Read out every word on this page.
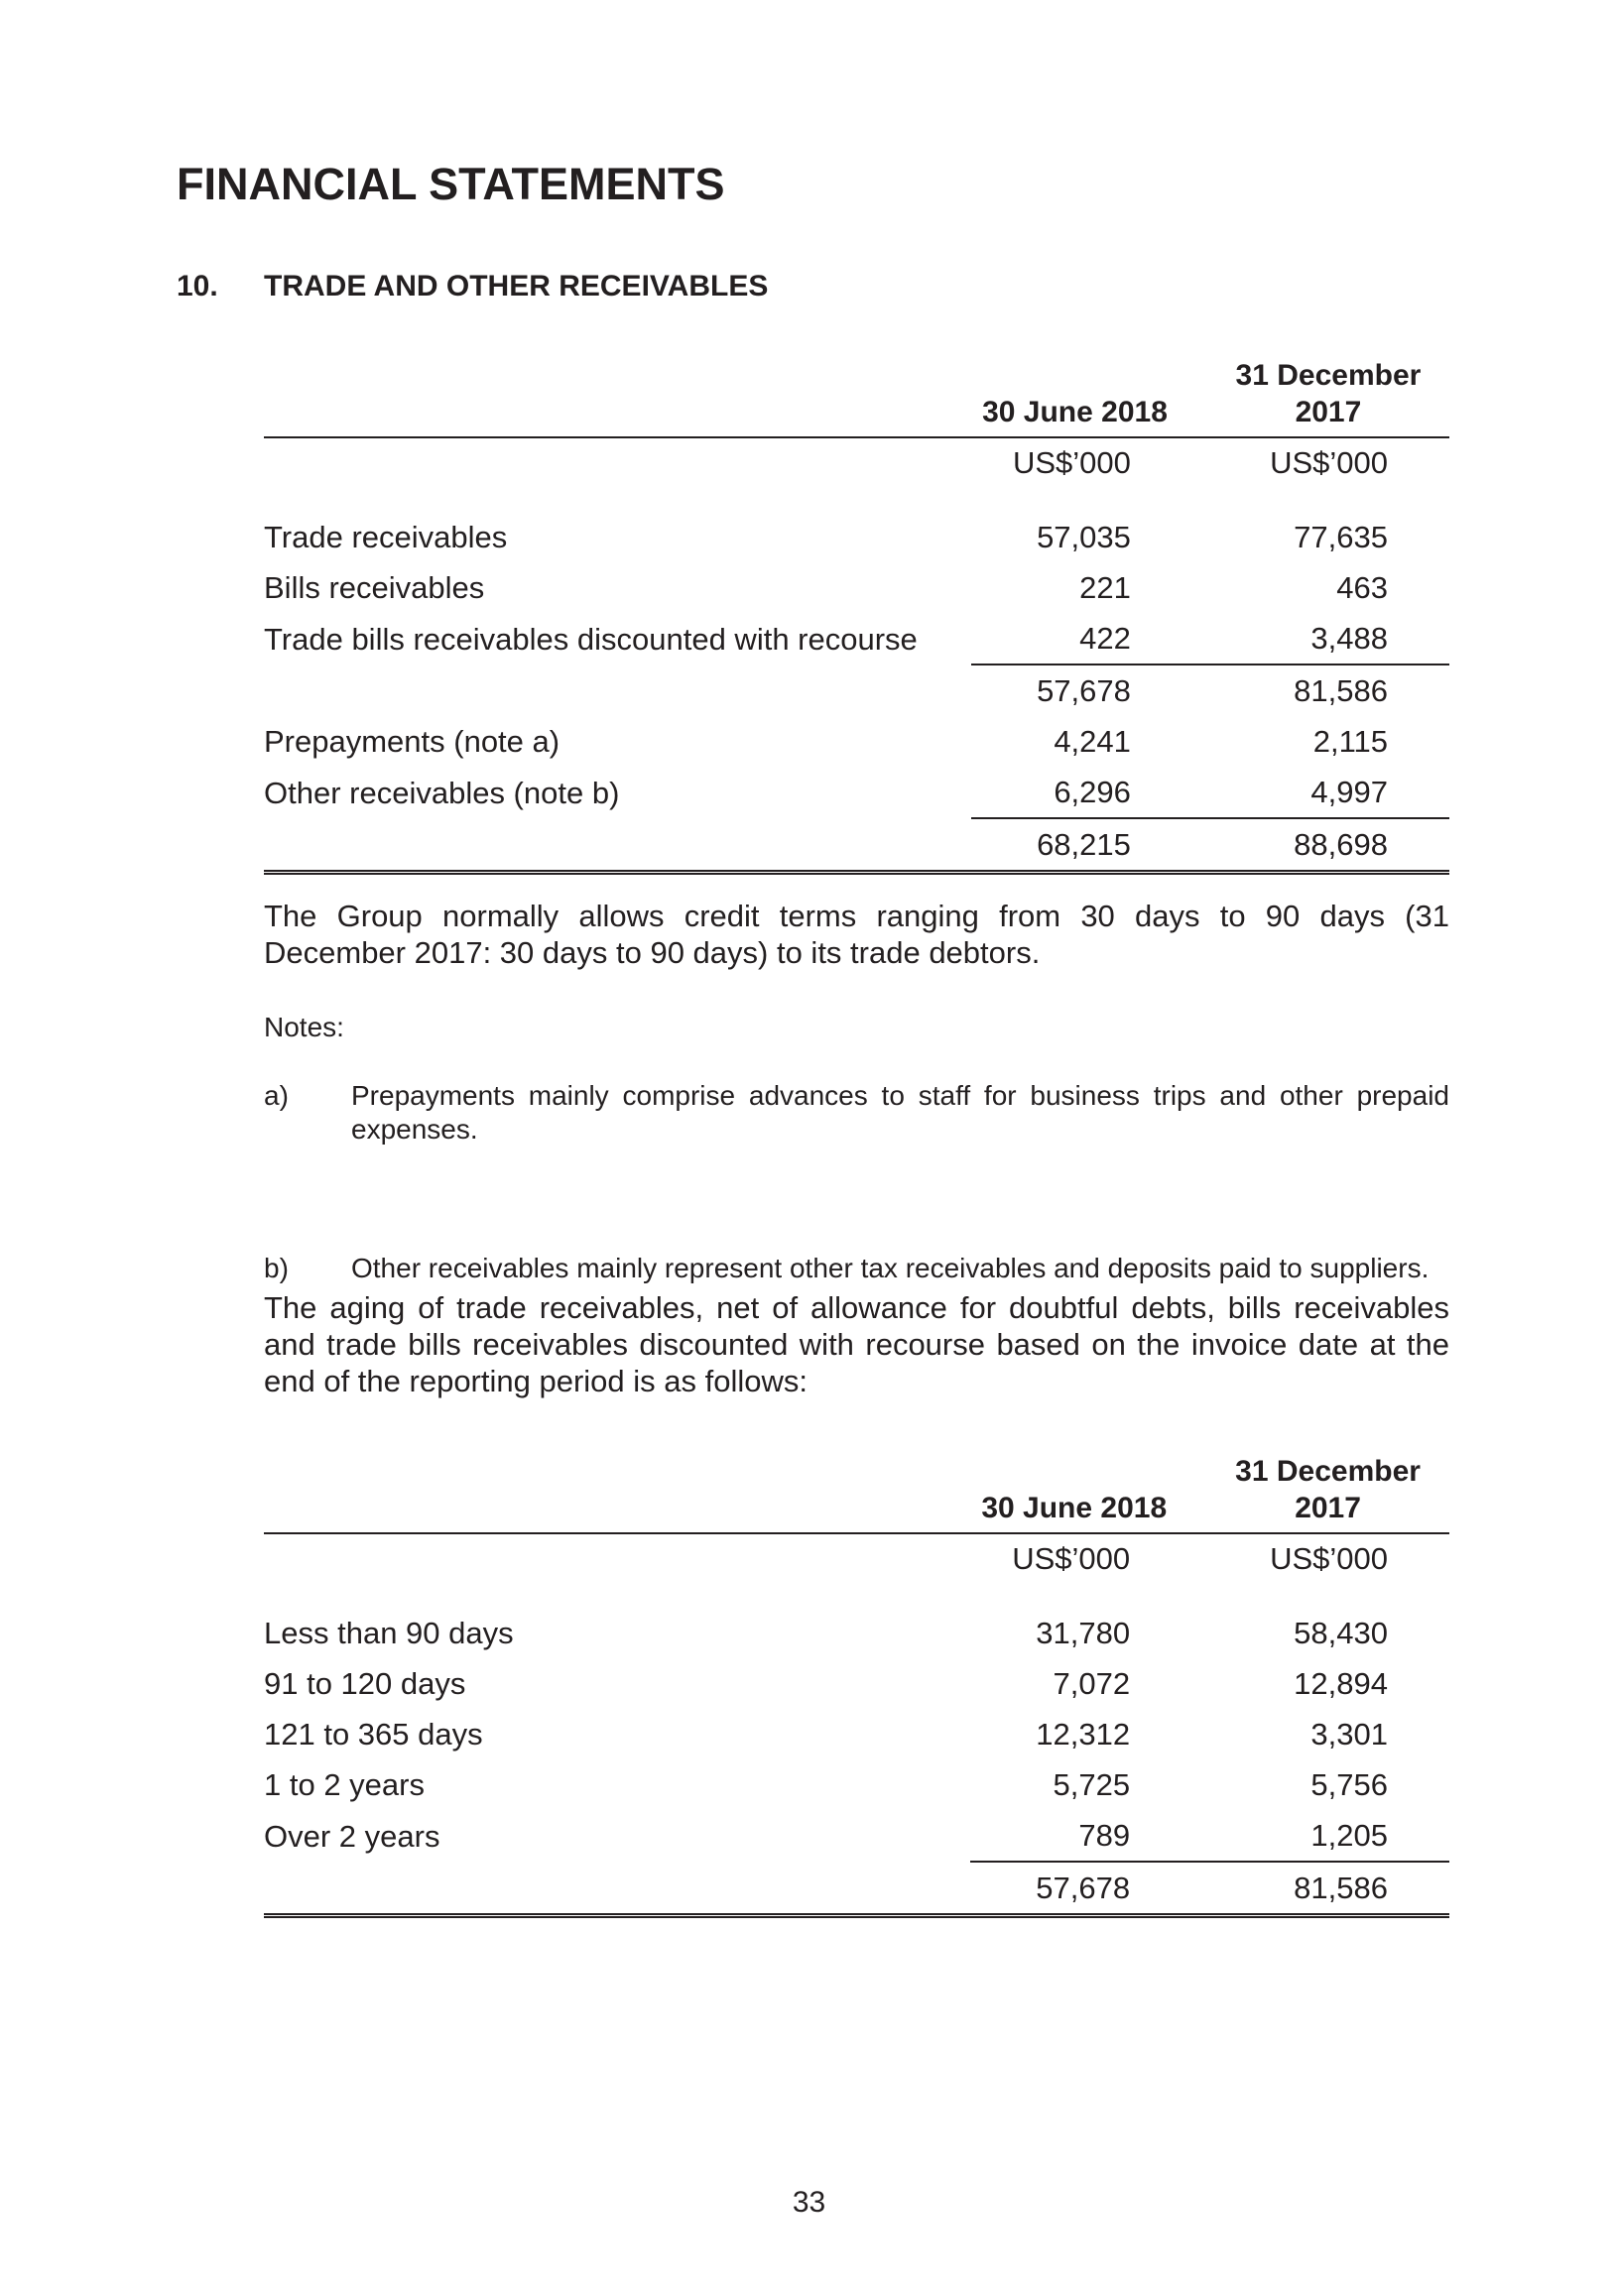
FINANCIAL STATEMENTS
10. TRADE AND OTHER RECEIVABLES
	30 June 2018	31 December
2017

	US$’000	US$’000

Trade receivables	57,035	77,635
Bills receivables	221	463
Trade bills receivables discounted with recourse	422	3,488
	57,678	81,586
Prepayments (note a)	4,241	2,115
Other receivables (note b)	6,296	4,997
	68,215	88,698
The Group normally allows credit terms ranging from 30 days to 90 days (31 December 2017: 30 days to 90 days) to its trade debtors.
Notes:
a) Prepayments mainly comprise advances to staff for business trips and other prepaid expenses.
b) Other receivables mainly represent other tax receivables and deposits paid to suppliers.
The aging of trade receivables, net of allowance for doubtful debts, bills receivables and trade bills receivables discounted with recourse based on the invoice date at the end of the reporting period is as follows:
	30 June 2018	31 December
2017

	US$’000	US$’000

Less than 90 days	31,780	58,430
91 to 120 days	7,072	12,894
121 to 365 days	12,312	3,301
1 to 2 years	5,725	5,756
Over 2 years	789	1,205
	57,678	81,586
33
